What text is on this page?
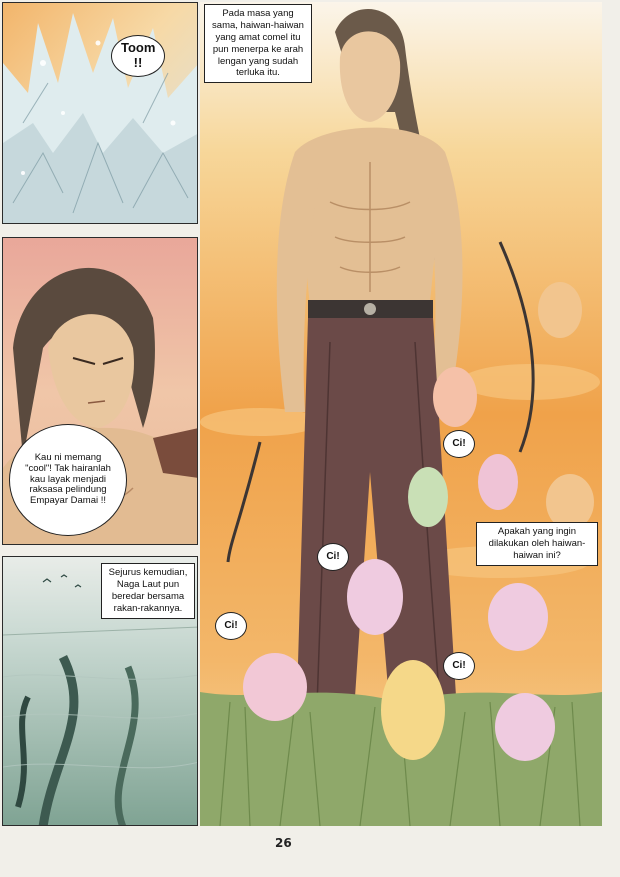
Toom !!
Kau ni memang "cool"! Tak hairanlah kau layak menjadi raksasa pelindung Empayar Damai !!
Sejurus kemudian, Naga Laut pun beredar bersama rakan-rakannya.
Pada masa yang sama, haiwan-haiwan yang amat comel itu pun menerpa ke arah lengan yang sudah terluka itu.
Apakah yang ingin dilakukan oleh haiwan-haiwan ini?
Ci!
Ci!
Ci!
Ci!
26
